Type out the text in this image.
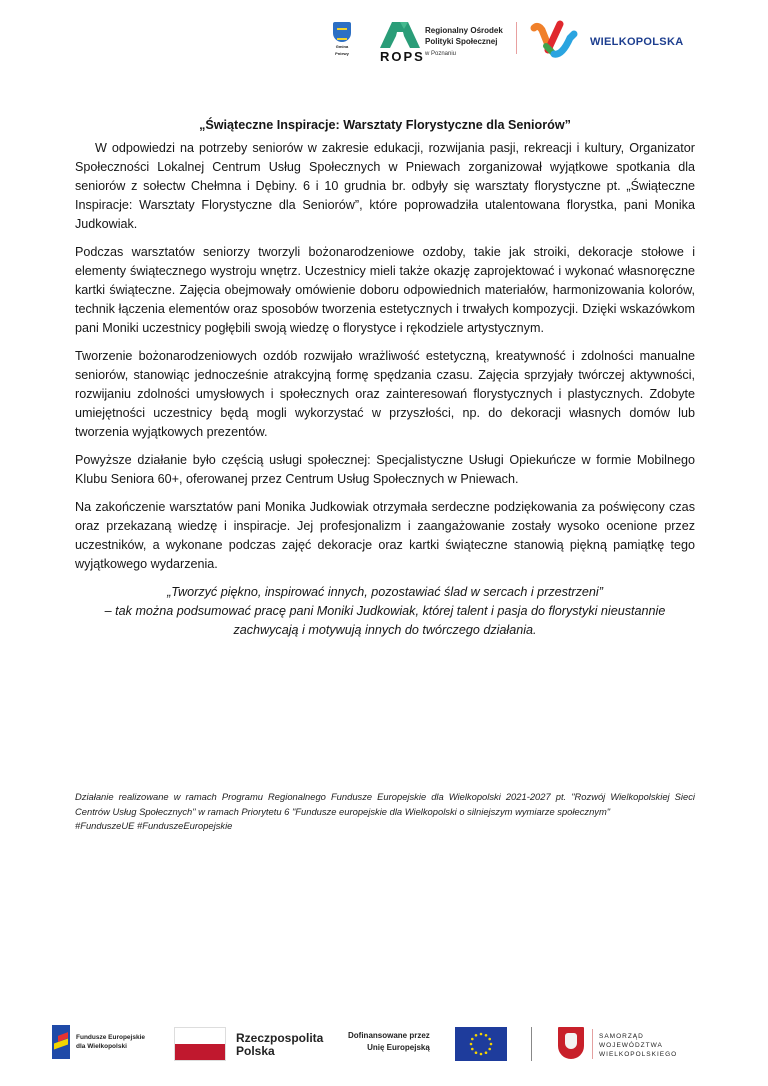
Gmina
Pniewy	ROPS
Regionalny Ośrodek
Polityki Społecznej
w Poznaniu
WIELKOPOLSKA
„Świąteczne Inspiracje: Warsztaty Florystyczne dla Seniorów”

W odpowiedzi na potrzeby seniorów w zakresie edukacji, rozwijania pasji, rekreacji i kultury, Organizator Społeczności Lokalnej Centrum Usług Społecznych w Pniewach zorganizował wyjątkowe spotkania dla seniorów z sołectw Chełmna i Dębiny. 6 i 10 grudnia br. odbyły się warsztaty florystyczne pt. „Świąteczne Inspiracje: Warsztaty Florystyczne dla Seniorów”, które poprowadziła utalentowana florystka, pani Monika Judkowiak.

Podczas warsztatów seniorzy tworzyli bożonarodzeniowe ozdoby, takie jak stroiki, dekoracje stołowe i elementy świątecznego wystroju wnętrz. Uczestnicy mieli także okazję zaprojektować i wykonać własnoręczne kartki świąteczne. Zajęcia obejmowały omówienie doboru odpowiednich materiałów, harmonizowania kolorów, technik łączenia elementów oraz sposobów tworzenia estetycznych i trwałych kompozycji. Dzięki wskazówkom pani Moniki uczestnicy pogłębili swoją wiedzę o florystyce i rękodziele artystycznym.

Tworzenie bożonarodzeniowych ozdób rozwijało wrażliwość estetyczną, kreatywność i zdolności manualne seniorów, stanowiąc jednocześnie atrakcyjną formę spędzania czasu. Zajęcia sprzyjały twórczej aktywności, rozwijaniu zdolności umysłowych i społecznych oraz zainteresowań florystycznych i plastycznych. Zdobyte umiejętności uczestnicy będą mogli wykorzystać w przyszłości, np. do dekoracji własnych domów lub tworzenia wyjątkowych prezentów.

Powyższe działanie było częścią usługi społecznej: Specjalistyczne Usługi Opiekuńcze w formie Mobilnego Klubu Seniora 60+, oferowanej przez Centrum Usług Społecznych w Pniewach.

Na zakończenie warsztatów pani Monika Judkowiak otrzymała serdeczne podziękowania za poświęcony czas oraz przekazaną wiedzę i inspiracje. Jej profesjonalizm i zaangażowanie zostały wysoko ocenione przez uczestników, a wykonane podczas zajęć dekoracje oraz kartki świąteczne stanowią piękną pamiątkę tego wyjątkowego wydarzenia.

„Tworzyć piękno, inspirować innych, pozostawiać ślad w sercach i przestrzeni”
– tak można podsumować pracę pani Moniki Judkowiak, której talent i pasja do florystyki nieustannie
zachwycają i motywują innych do twórczego działania.
Działanie realizowane w ramach Programu Regionalnego Fundusze Europejskie dla Wielkopolski 2021-2027 pt. "Rozwój Wielkopolskiej Sieci Centrów Usług Społecznych" w ramach Priorytetu 6 "Fundusze europejskie dla Wielkopolski o silniejszym wymiarze społecznym"
#FunduszeUE #FunduszeEuropejskie
Fundusze Europejskie
dla Wielkopolski
Rzeczpospolita
Polska
Dofinansowane przez
Unię Europejską
SAMORZĄD
WOJEWÓDZTWA
WIELKOPOLSKIEGO
